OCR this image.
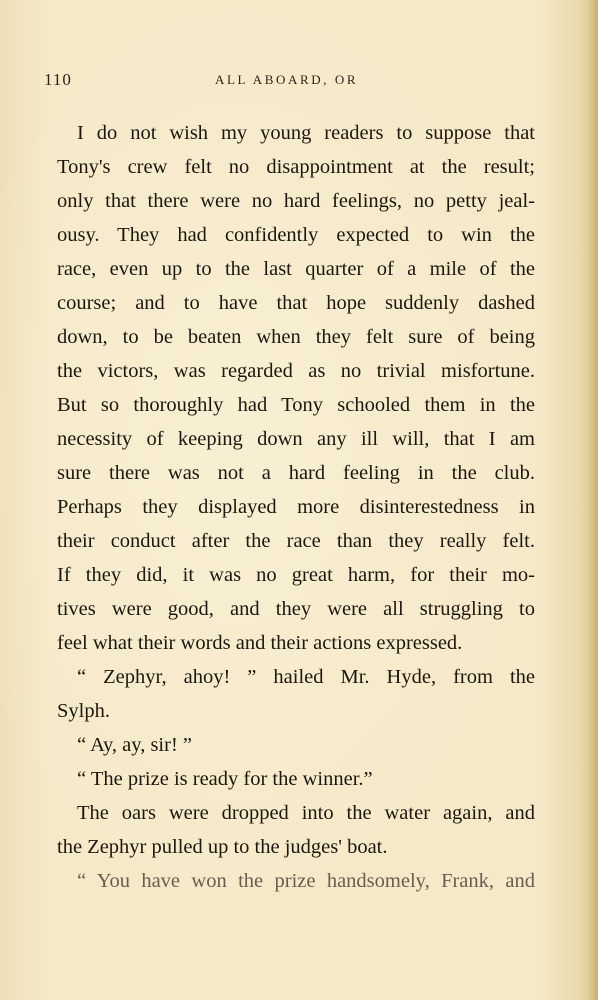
110	ALL ABOARD, OR
I do not wish my young readers to suppose that
Tony's crew felt no disappointment at the result;
only that there were no hard feelings, no petty jeal-
ousy. They had confidently expected to win the
race, even up to the last quarter of a mile of the
course; and to have that hope suddenly dashed
down, to be beaten when they felt sure of being
the victors, was regarded as no trivial misfortune.
But so thoroughly had Tony schooled them in the
necessity of keeping down any ill will, that I am
sure there was not a hard feeling in the club.
Perhaps they displayed more disinterestedness in
their conduct after the race than they really felt.
If they did, it was no great harm, for their mo-
tives were good, and they were all struggling to
feel what their words and their actions expressed.
“ Zephyr, ahoy! ” hailed Mr. Hyde, from the
Sylph.
“ Ay, ay, sir! ”
“ The prize is ready for the winner.”
The oars were dropped into the water again, and
the Zephyr pulled up to the judges' boat.
“ You have won the prize handsomely, Frank, and
